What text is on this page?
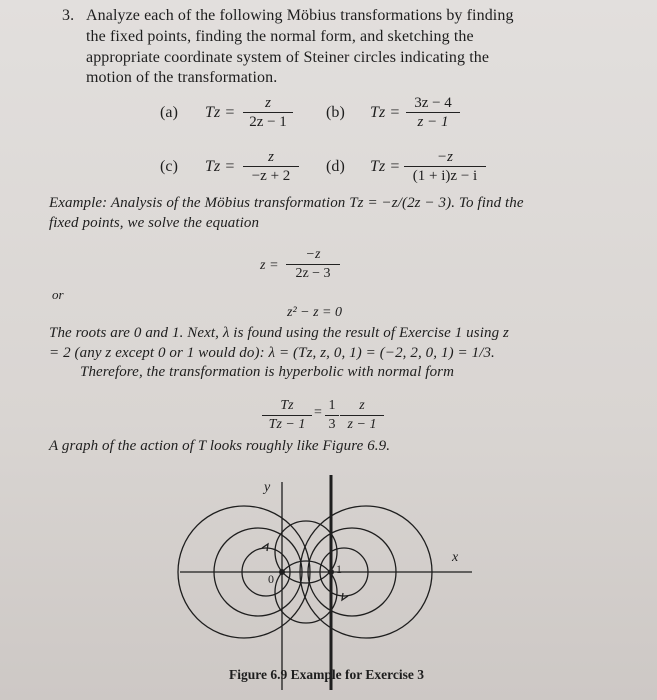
3. Analyze each of the following Möbius transformations by finding
the fixed points, finding the normal form, and sketching the
appropriate coordinate system of Steiner circles indicating the
motion of the transformation.
(a) $Tz = \frac{z}{2z - 1} (b) Tz = \frac{3z - 4}{z - 1}$
(c) $Tz = \frac{z}{-z + 2} (d) Tz = \frac{-z}{(1 + i)z - i}$
Example: Analysis of the Möbius transformation Tz = −z/(2z − 3). To find the
fixed points, we solve the equation
$z = \frac{-z}{2z - 3}$
or
z² − z = 0
The roots are 0 and 1. Next, λ is found using the result of Exercise 1 using z
= 2 (any z except 0 or 1 would do): λ = (Tz, z, 0, 1) = (−2, 2, 0, 1) = 1/3.
Therefore, the transformation is hyperbolic with normal form
$\frac{Tz}{Tz - 1} = \frac{1}{3} \frac{z}{z - 1}$
A graph of the action of T looks roughly like Figure 6.9.
y
x
0
1
Figure 6.9 Example for Exercise 3
